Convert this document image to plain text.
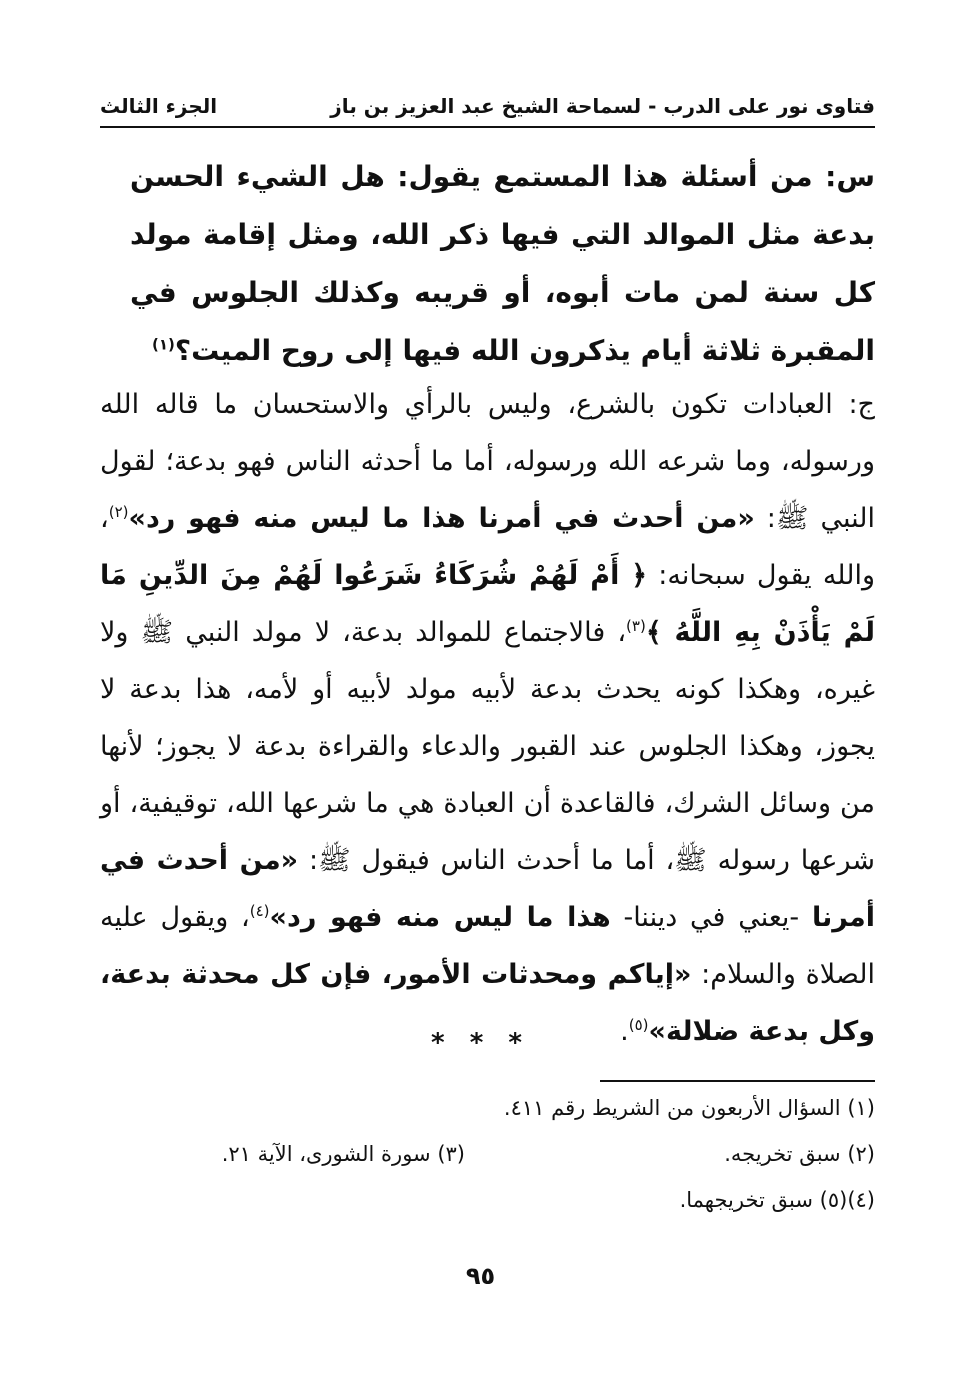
فتاوى نور على الدرب - لسماحة الشيخ عبد العزيز بن باز
الجزء الثالث
س: من أسئلة هذا المستمع يقول: هل الشيء الحسن بدعة مثل الموالد التي فيها ذكر الله، ومثل إقامة مولد كل سنة لمن مات أبوه، أو قريبه وكذلك الجلوس في المقبرة ثلاثة أيام يذكرون الله فيها إلى روح الميت؟$^{(١)}$
ج: العبادات تكون بالشرع، وليس بالرأي والاستحسان ما قاله الله ورسوله، وما شرعه الله ورسوله، أما ما أحدثه الناس فهو بدعة؛ لقول النبي ﷺ: «من أحدث في أمرنا هذا ما ليس منه فهو رد»$^{(٢)}$، والله يقول سبحانه: ﴿ أَمْ لَهُمْ شُرَكَاءُ شَرَعُوا لَهُمْ مِنَ الدِّينِ مَا لَمْ يَأْذَنْ بِهِ اللَّهُ ﴾$^{(٣)}$، فالاجتماع للموالد بدعة، لا مولد النبي ﷺ ولا غيره، وهكذا كونه يحدث بدعة لأبيه مولد لأبيه أو لأمه، هذا بدعة لا يجوز، وهكذا الجلوس عند القبور والدعاء والقراءة بدعة لا يجوز؛ لأنها من وسائل الشرك، فالقاعدة أن العبادة هي ما شرعها الله، توقيفية، أو شرعها رسوله ﷺ، أما ما أحدث الناس فيقول ﷺ: «من أحدث في أمرنا -يعني في ديننا- هذا ما ليس منه فهو رد»$^{(٤)}$، ويقول عليه الصلاة والسلام: «إياكم ومحدثات الأمور، فإن كل محدثة بدعة، وكل بدعة ضلالة»$^{(٥)}$.
* * *
(١) السؤال الأربعون من الشريط رقم ٤١١.
(٢) سبق تخريجه.
(٣) سورة الشورى، الآية ٢١.
(٤)(٥) سبق تخريجهما.
٩٥
